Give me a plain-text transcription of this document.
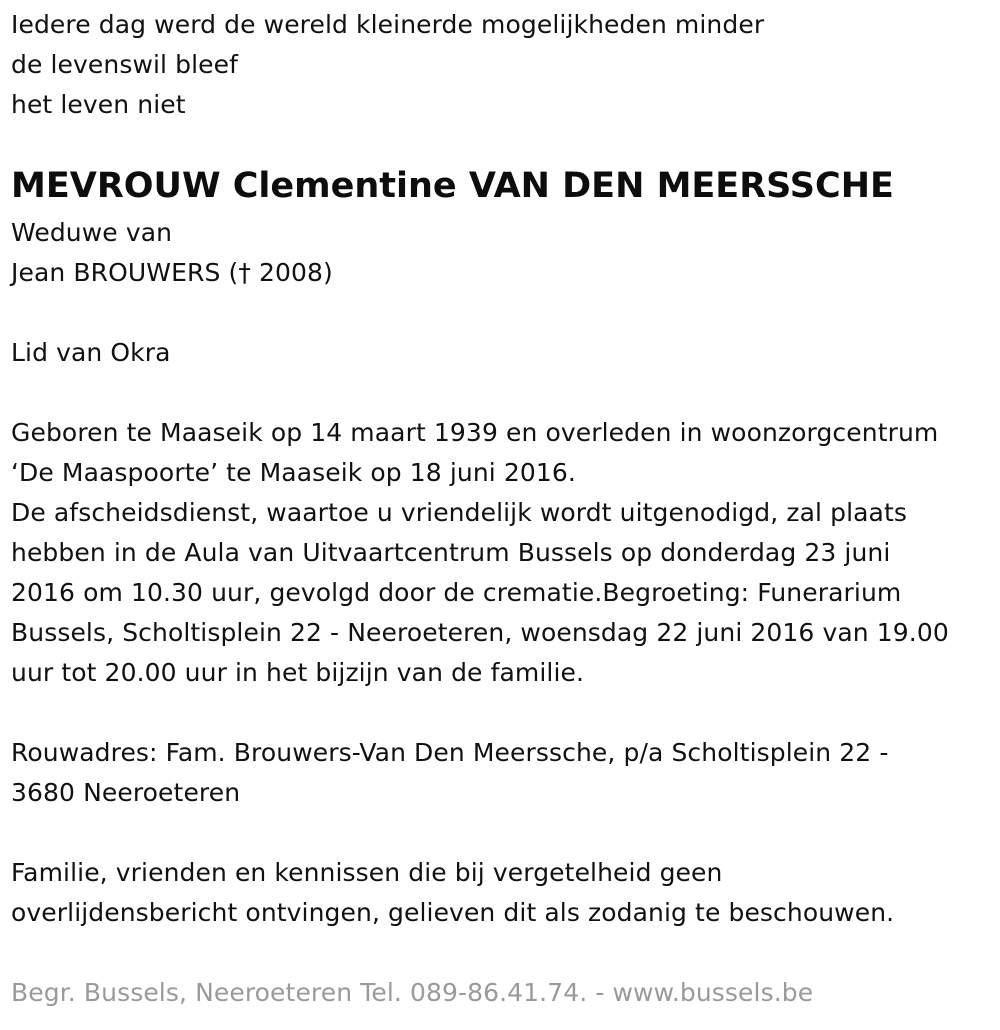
Iedere dag werd de wereld kleinerde mogelijkheden minder
de levenswil bleef
het leven niet
MEVROUW Clementine VAN DEN MEERSSCHE
Weduwe van
Jean BROUWERS († 2008)
Lid van Okra
Geboren te Maaseik op 14 maart 1939 en overleden in woonzorgcentrum
‘De Maaspoorte’ te Maaseik op 18 juni 2016.
De afscheidsdienst, waartoe u vriendelijk wordt uitgenodigd, zal plaats
hebben in de Aula van Uitvaartcentrum Bussels op donderdag 23 juni
2016 om 10.30 uur, gevolgd door de crematie.Begroeting: Funerarium
Bussels, Scholtisplein 22 - Neeroeteren, woensdag 22 juni 2016 van 19.00
uur tot 20.00 uur in het bijzijn van de familie.
Rouwadres: Fam. Brouwers-Van Den Meerssche, p/a Scholtisplein 22 -
3680 Neeroeteren
Familie, vrienden en kennissen die bij vergetelheid geen
overlijdensbericht ontvingen, gelieven dit als zodanig te beschouwen.
Begr. Bussels, Neeroeteren Tel. 089-86.41.74. - www.bussels.be
